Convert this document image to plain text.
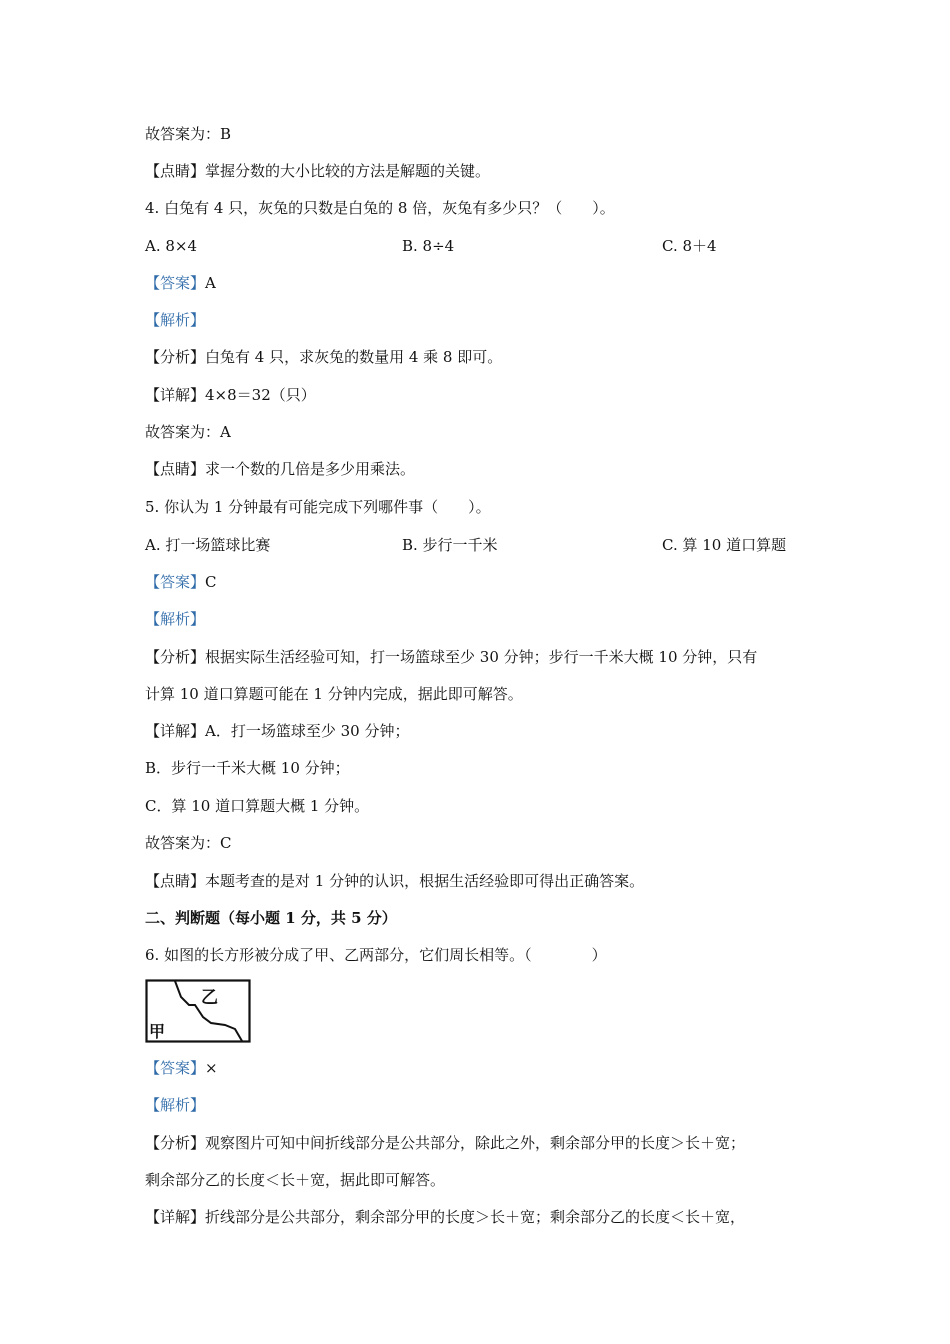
故答案为：B
【点睛】掌握分数的大小比较的方法是解题的关键。
4. 白兔有 4 只，灰兔的只数是白兔的 8 倍，灰兔有多少只？（　　）。
A. 8×4	B. 8÷4	C. 8＋4
【答案】A
【解析】
【分析】白兔有 4 只，求灰兔的数量用 4 乘 8 即可。
【详解】4×8＝32（只）
故答案为：A
【点睛】求一个数的几倍是多少用乘法。
5. 你认为 1 分钟最有可能完成下列哪件事（　　）。
A. 打一场篮球比赛	B. 步行一千米	C. 算 10 道口算题
【答案】C
【解析】
【分析】根据实际生活经验可知，打一场篮球至少 30 分钟；步行一千米大概 10 分钟，只有
计算 10 道口算题可能在 1 分钟内完成，据此即可解答。
【详解】A．打一场篮球至少 30 分钟；
B．步行一千米大概 10 分钟；
C．算 10 道口算题大概 1 分钟。
故答案为：C
【点睛】本题考查的是对 1 分钟的认识，根据生活经验即可得出正确答案。
二、判断题（每小题 1 分，共 5 分）
6. 如图的长方形被分成了甲、乙两部分，它们周长相等。（　　　　）
乙
甲
【答案】×
【解析】
【分析】观察图片可知中间折线部分是公共部分，除此之外，剩余部分甲的长度＞长＋宽；
剩余部分乙的长度＜长＋宽，据此即可解答。
【详解】折线部分是公共部分，剩余部分甲的长度＞长＋宽；剩余部分乙的长度＜长＋宽，
